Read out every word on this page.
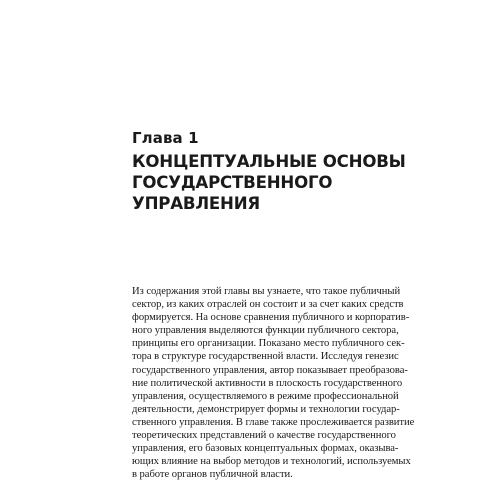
Глава 1
КОНЦЕПТУАЛЬНЫЕ ОСНОВЫ
ГОСУДАРСТВЕННОГО
УПРАВЛЕНИЯ

Из содержания этой главы вы узнаете, что такое публичный
сектор, из каких отраслей он состоит и за счет каких средств
формируется. На основе сравнения публичного и корпоратив-
ного управления выделяются функции публичного сектора,
принципы его организации. Показано место публичного сек-
тора в структуре государственной власти. Исследуя генезис
государственного управления, автор показывает преобразова-
ние политической активности в плоскость государственного
управления, осуществляемого в режиме профессиональной
деятельности, демонстрирует формы и технологии государ-
ственного управления. В главе также прослеживается развитие
теоретических представлений о качестве государственного
управления, его базовых концептуальных формах, оказыва-
ющих влияние на выбор методов и технологий, используемых
в работе органов публичной власти.
